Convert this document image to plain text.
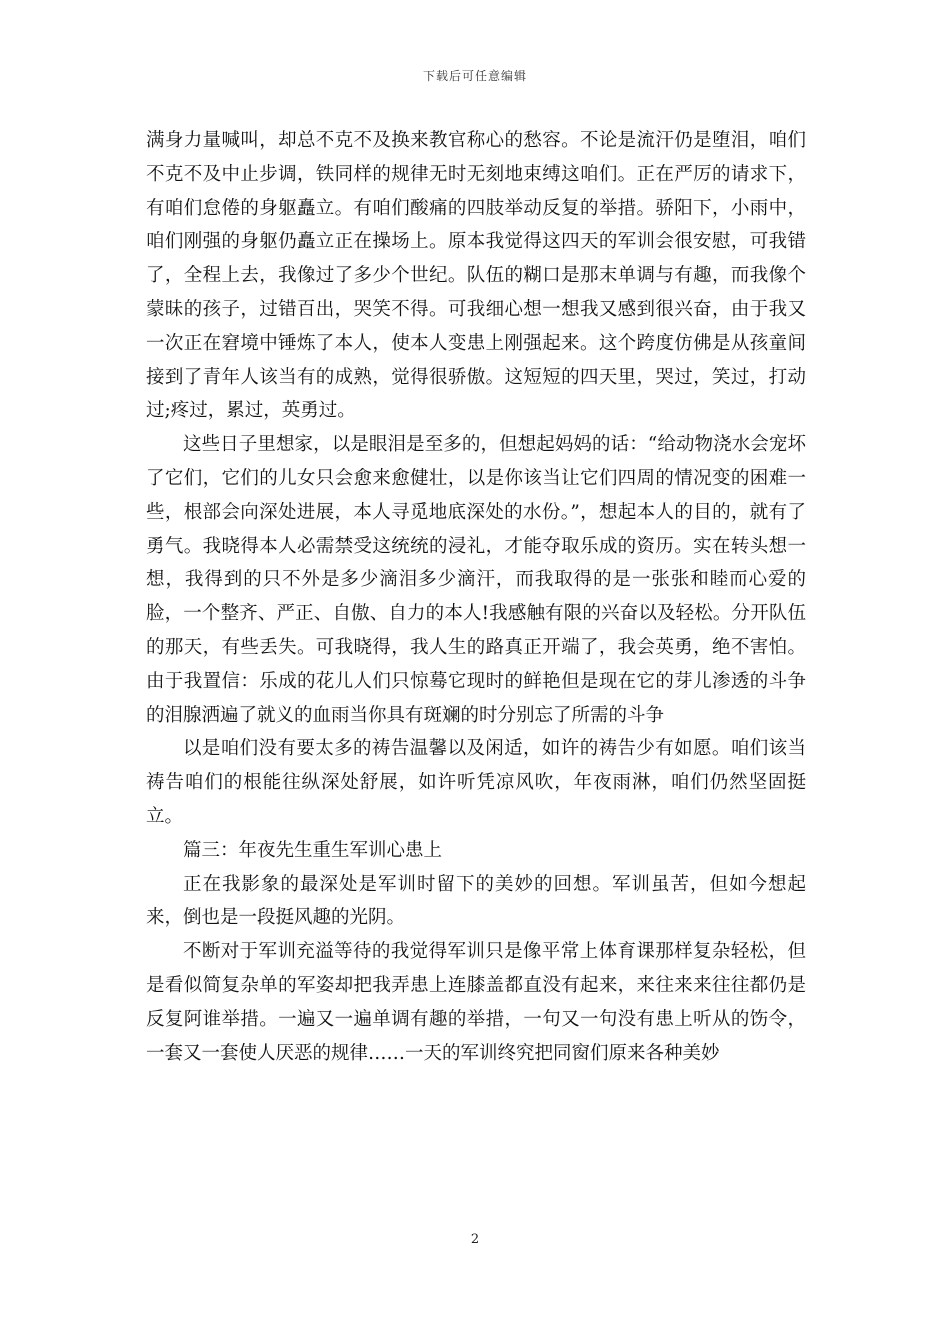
下载后可任意编辑

满身力量喊叫，却总不克不及换来教官称心的愁容。不论是流汗仍是堕泪，咱们不克不及中止步调，铁同样的规律无时无刻地束缚这咱们。正在严厉的请求下，有咱们怠倦的身躯矗立。有咱们酸痛的四肢举动反复的举措。骄阳下，小雨中，咱们刚强的身躯仍矗立正在操场上。原本我觉得这四天的军训会很安慰，可我错了，全程上去，我像过了多少个世纪。队伍的糊口是那末单调与有趣，而我像个蒙昧的孩子，过错百出，哭笑不得。可我细心想一想我又感到很兴奋，由于我又一次正在窘境中锤炼了本人，使本人变患上刚强起来。这个跨度仿佛是从孩童间接到了青年人该当有的成熟，觉得很骄傲。这短短的四天里，哭过，笑过，打动过;疼过，累过，英勇过。

这些日子里想家，以是眼泪是至多的，但想起妈妈的话：“给动物浇水会宠坏了它们，它们的儿女只会愈来愈健壮，以是你该当让它们四周的情况变的困难一些，根部会向深处进展，本人寻觅地底深处的水份。”，想起本人的目的，就有了勇气。我晓得本人必需禁受这统统的浸礼，才能夺取乐成的资历。实在转头想一想，我得到的只不外是多少滴泪多少滴汗，而我取得的是一张张和睦而心爱的脸，一个整齐、严正、自傲、自力的本人!我感触有限的兴奋以及轻松。分开队伍的那天，有些丢失。可我晓得，我人生的路真正开端了，我会英勇，绝不害怕。由于我置信：乐成的花儿人们只惊蓦它现时的鲜艳但是现在它的芽儿渗透的斗争的泪腺洒遍了就义的血雨当你具有斑斓的时分别忘了所需的斗争

以是咱们没有要太多的祷告温馨以及闲适，如许的祷告少有如愿。咱们该当祷告咱们的根能往纵深处舒展，如许听凭凉风吹，年夜雨淋，咱们仍然坚固挺立。

篇三：年夜先生重生军训心患上

正在我影象的最深处是军训时留下的美妙的回想。军训虽苦，但如今想起来，倒也是一段挺风趣的光阴。

不断对于军训充溢等待的我觉得军训只是像平常上体育课那样复杂轻松，但是看似简复杂单的军姿却把我弄患上连膝盖都直没有起来，来往来来往往都仍是反复阿谁举措。一遍又一遍单调有趣的举措，一句又一句没有患上听从的饬令，一套又一套使人厌恶的规律……一天的军训终究把同窗们原来各种美妙

2
